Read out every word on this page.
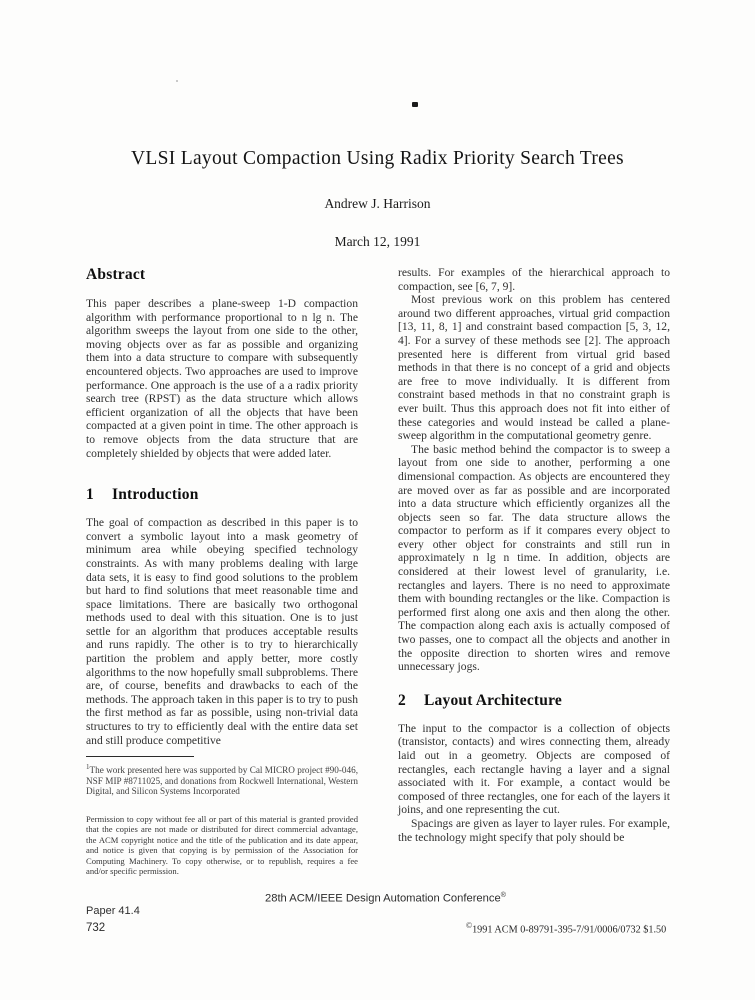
VLSI Layout Compaction Using Radix Priority Search Trees
Andrew J. Harrison
March 12, 1991
Abstract

This paper describes a plane-sweep 1-D compaction algorithm with performance proportional to n lg n. The algorithm sweeps the layout from one side to the other, moving objects over as far as possible and organizing them into a data structure to compare with subsequently encountered objects. Two approaches are used to improve performance. One approach is the use of a a radix priority search tree (RPST) as the data structure which allows efficient organization of all the objects that have been compacted at a given point in time. The other approach is to remove objects from the data structure that are completely shielded by objects that were added later.

1 Introduction

The goal of compaction as described in this paper is to convert a symbolic layout into a mask geometry of minimum area while obeying specified technology constraints. As with many problems dealing with large data sets, it is easy to find good solutions to the problem but hard to find solutions that meet reasonable time and space limitations. There are basically two orthogonal methods used to deal with this situation. One is to just settle for an algorithm that produces acceptable results and runs rapidly. The other is to try to hierarchically partition the problem and apply better, more costly algorithms to the now hopefully small subproblems. There are, of course, benefits and drawbacks to each of the methods. The approach taken in this paper is to try to push the first method as far as possible, using non-trivial data structures to try to efficiently deal with the entire data set and still produce competitive

$^1$The work presented here was supported by Cal MICRO project #90-046, NSF MIP #8711025, and donations from Rockwell International, Western Digital, and Silicon Systems Incorporated

Permission to copy without fee all or part of this material is granted provided that the copies are not made or distributed for direct commercial advantage, the ACM copyright notice and the title of the publication and its date appear, and notice is given that copying is by permission of the Association for Computing Machinery. To copy otherwise, or to republish, requires a fee and/or specific permission.

results. For examples of the hierarchical approach to compaction, see [6, 7, 9].

Most previous work on this problem has centered around two different approaches, virtual grid compaction [13, 11, 8, 1] and constraint based compaction [5, 3, 12, 4]. For a survey of these methods see [2]. The approach presented here is different from virtual grid based methods in that there is no concept of a grid and objects are free to move individually. It is different from constraint based methods in that no constraint graph is ever built. Thus this approach does not fit into either of these categories and would instead be called a plane-sweep algorithm in the computational geometry genre.

The basic method behind the compactor is to sweep a layout from one side to another, performing a one dimensional compaction. As objects are encountered they are moved over as far as possible and are incorporated into a data structure which efficiently organizes all the objects seen so far. The data structure allows the compactor to perform as if it compares every object to every other object for constraints and still run in approximately n lg n time. In addition, objects are considered at their lowest level of granularity, i.e. rectangles and layers. There is no need to approximate them with bounding rectangles or the like. Compaction is performed first along one axis and then along the other. The compaction along each axis is actually composed of two passes, one to compact all the objects and another in the opposite direction to shorten wires and remove unnecessary jogs.

2 Layout Architecture

The input to the compactor is a collection of objects (transistor, contacts) and wires connecting them, already laid out in a geometry. Objects are composed of rectangles, each rectangle having a layer and a signal associated with it. For example, a contact would be composed of three rectangles, one for each of the layers it joins, and one representing the cut.

Spacings are given as layer to layer rules. For example, the technology might specify that poly should be

28th ACM/IEEE Design Automation Conference®
Paper 41.4
732	©1991 ACM 0-89791-395-7/91/0006/0732 $1.50
